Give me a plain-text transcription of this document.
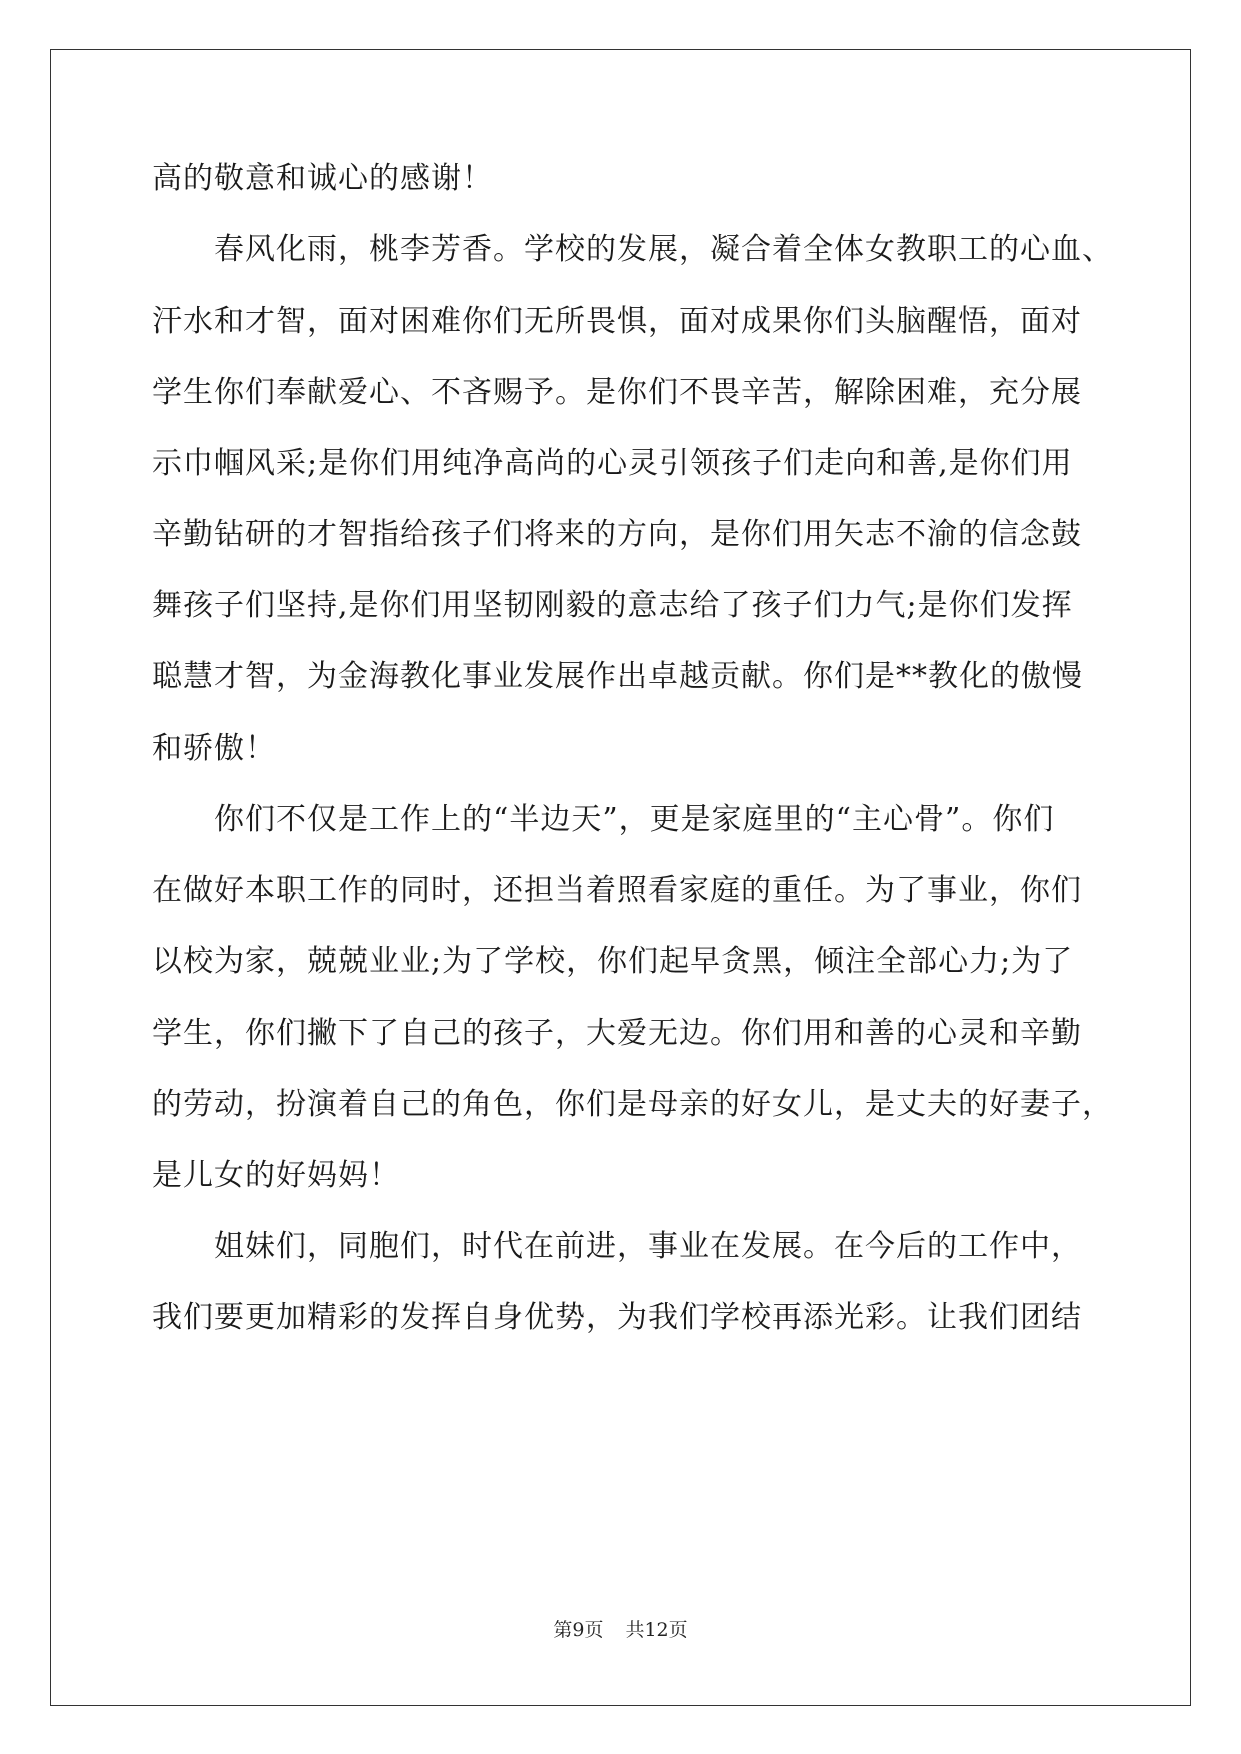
高的敬意和诚心的感谢！
春风化雨，桃李芳香。学校的发展，凝合着全体女教职工的心血、
汗水和才智，面对困难你们无所畏惧，面对成果你们头脑醒悟，面对
学生你们奉献爱心、不吝赐予。是你们不畏辛苦，解除困难，充分展
示巾帼风采;是你们用纯净高尚的心灵引领孩子们走向和善,是你们用
辛勤钻研的才智指给孩子们将来的方向，是你们用矢志不渝的信念鼓
舞孩子们坚持,是你们用坚韧刚毅的意志给了孩子们力气;是你们发挥
聪慧才智，为金海教化事业发展作出卓越贡献。你们是**教化的傲慢
和骄傲！
你们不仅是工作上的“半边天”，更是家庭里的“主心骨”。你们
在做好本职工作的同时，还担当着照看家庭的重任。为了事业，你们
以校为家，兢兢业业;为了学校，你们起早贪黑，倾注全部心力;为了
学生，你们撇下了自己的孩子，大爱无边。你们用和善的心灵和辛勤
的劳动，扮演着自己的角色，你们是母亲的好女儿，是丈夫的好妻子，
是儿女的好妈妈！
姐妹们，同胞们，时代在前进，事业在发展。在今后的工作中，
我们要更加精彩的发挥自身优势，为我们学校再添光彩。让我们团结
第9页 共12页
